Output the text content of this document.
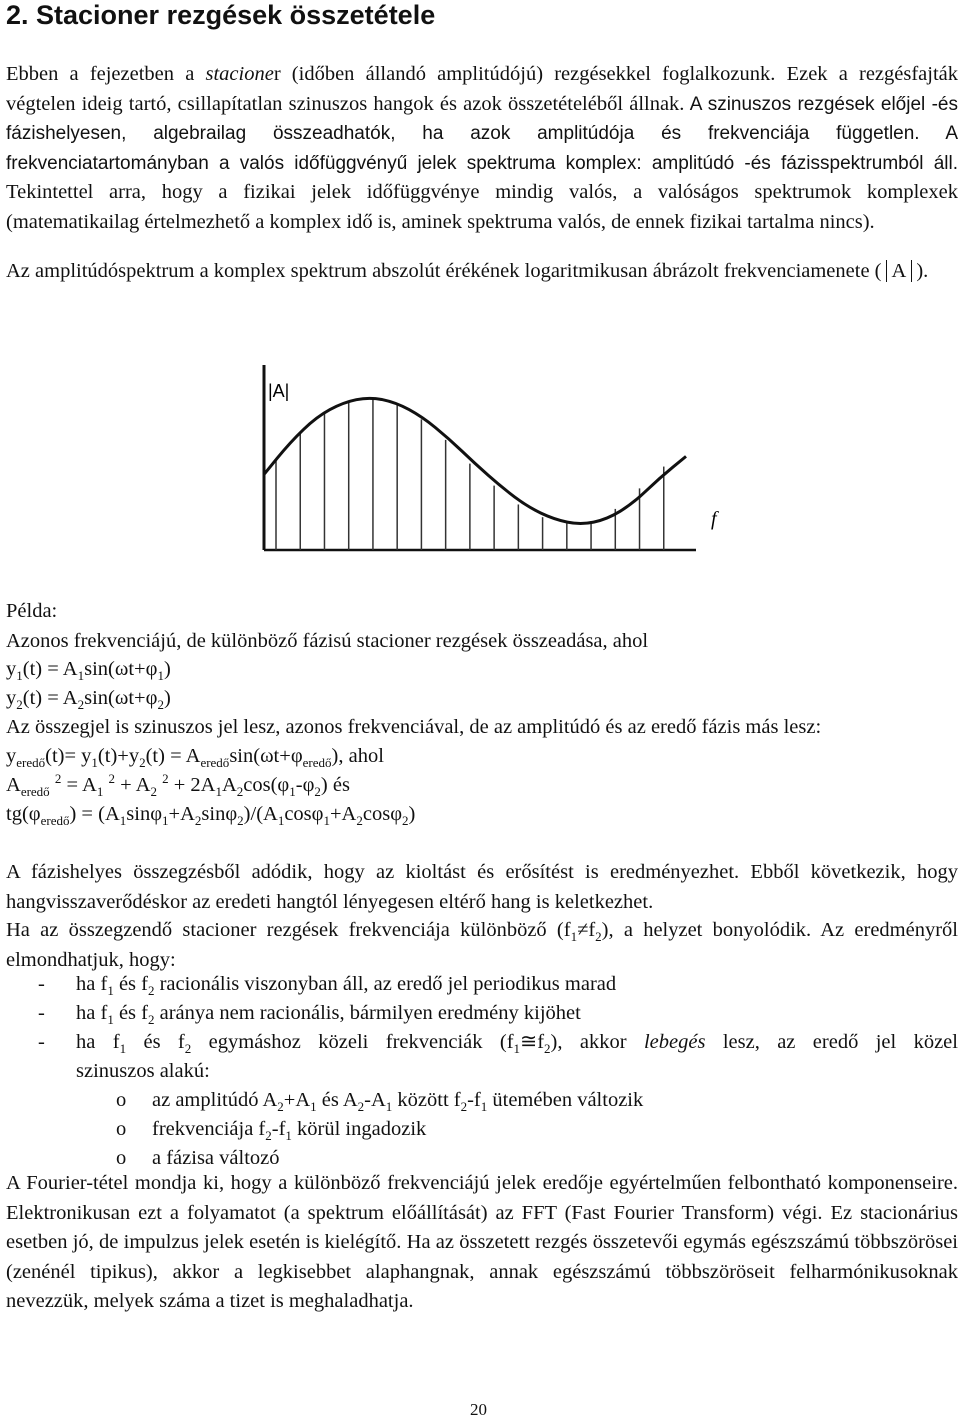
2. Stacioner rezgések összetétele

Ebben a fejezetben a stacioner (időben állandó amplitúdójú) rezgésekkel foglalkozunk. Ezek a rezgésfajták végtelen ideig tartó, csillapítatlan szinuszos hangok és azok összetételéből állnak. A szinuszos rezgések előjel -és fázishelyesen, algebrailag összeadhatók, ha azok amplitúdója és frekvenciája független. A frekvenciatartományban a valós időfüggvényű jelek spektruma komplex: amplitúdó -és fázisspektrumból áll. Tekintettel arra, hogy a fizikai jelek időfüggvénye mindig valós, a valóságos spektrumok komplexek (matematikailag értelmezhető a komplex idő is, aminek spektruma valós, de ennek fizikai tartalma nincs).

Az amplitúdóspektrum a komplex spektrum abszolút érékének logaritmikusan ábrázolt frekvenciamenete ( A ).

|A|
f
Példa:
Azonos frekvenciájú, de különböző fázisú stacioner rezgések összeadása, ahol
$y_1(t) = A_1\sin(\omega t+\varphi_1)$
$y_2(t) = A_2\sin(\omega t+\varphi_2)$
Az összegjel is szinuszos jel lesz, azonos frekvenciával, de az amplitúdó és az eredő fázis más lesz:
$y_{eredő}(t)= y_1(t)+y_2(t) = A_{eredő}\sin(\omega t+\varphi_{eredő})$, ahol
$A_{eredő}$ $^2 = A_1$ $^2 + A_2$ $^2 + 2A_1A_2\cos(\varphi_1-\varphi_2)$ és
$tg(\varphi_{eredő}) = (A_1\sin\varphi_1+A_2\sin\varphi_2)/(A_1\cos\varphi_1+A_2\cos\varphi_2)$

A fázishelyes összegzésből adódik, hogy az kioltást és erősítést is eredményezhet. Ebből következik, hogy hangvisszaverődéskor az eredeti hangtól lényegesen eltérő hang is keletkezhet.

Ha az összegzendő stacioner rezgések frekvenciája különböző $(f_1\ne f_2)$, a helyzet bonyolódik. Az eredményről elmondhatjuk, hogy:

- ha $f_1$ és $f_2$ racionális viszonyban áll, az eredő jel periodikus marad
- ha $f_1$ és $f_2$ aránya nem racionális, bármilyen eredmény kijöhet
- ha $f_1$ és $f_2$ egymáshoz közeli frekvenciák $(f_1≅f_2)$, akkor lebegés lesz, az eredő jel közel
szinuszos alakú:
o az amplitúdó $A_2+A_1$ és $A_2-A_1$ között $f_2-f_1$ ütemében változik
o frekvenciája $f_2-f_1$ körül ingadozik
o a fázisa változó

A Fourier-tétel mondja ki, hogy a különböző frekvenciájú jelek eredője egyértelműen felbontható komponenseire. Elektronikusan ezt a folyamatot (a spektrum előállítását) az FFT (Fast Fourier Transform) végi. Ez stacionárius esetben jó, de impulzus jelek esetén is kielégítő. Ha az összetett rezgés összetevői egymás egészszámú többszörösei (zenénél tipikus), akkor a legkisebbet alaphangnak, annak egészszámú többszöröseit felharmónikusoknak nevezzük, melyek száma a tizet is meghaladhatja.

20
